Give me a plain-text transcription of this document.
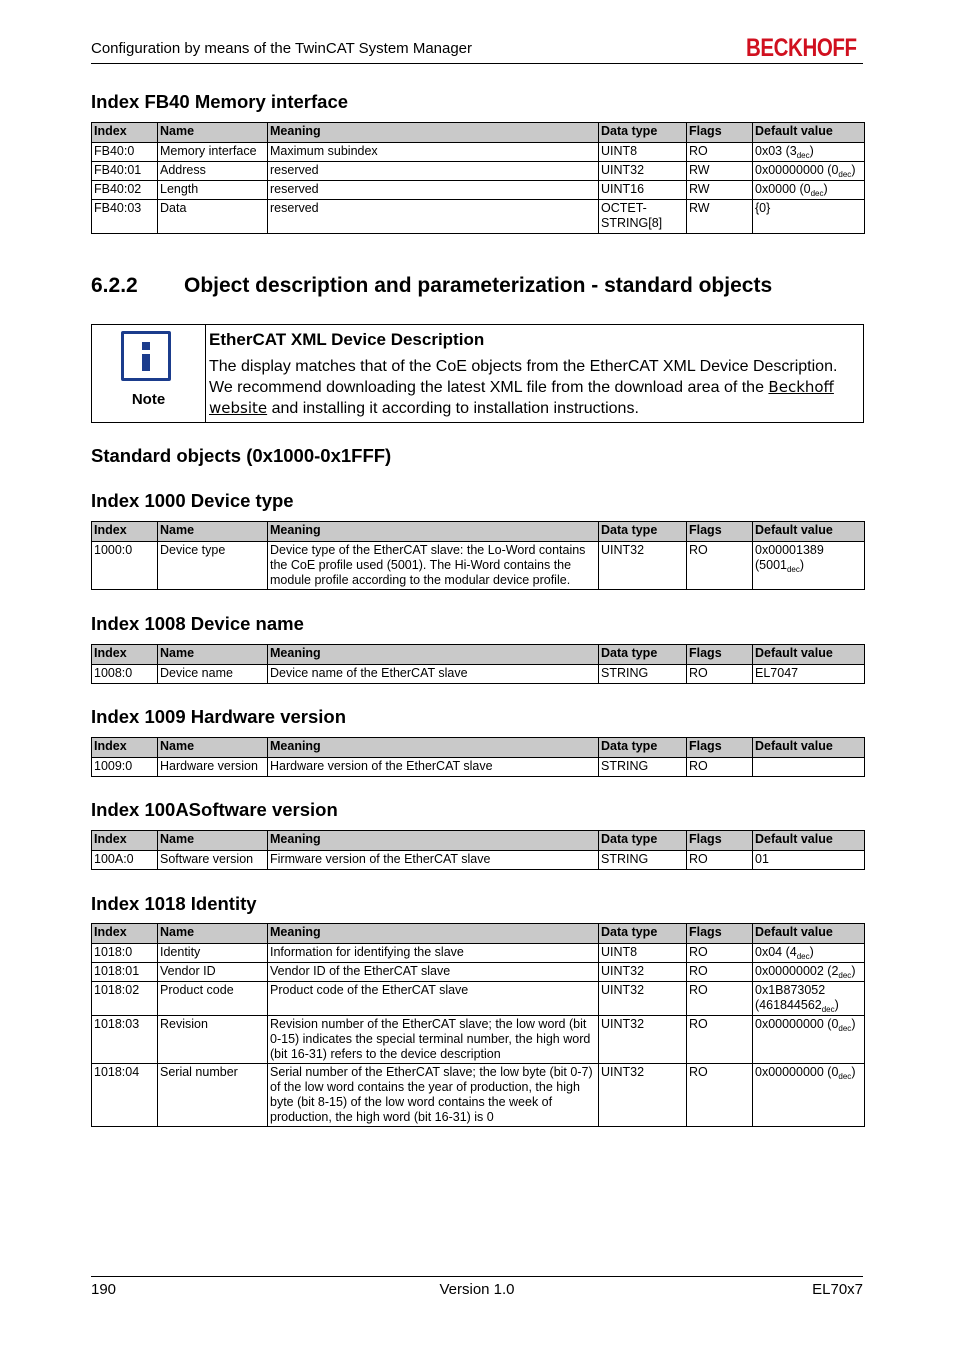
Configuration by means of the TwinCAT System Manager	BECKHOFF
Index FB40 Memory interface
Index	Name	Meaning	Data type	Flags	Default value
FB40:0	Memory interface	Maximum subindex	UINT8	RO	0x03 $(3_{dec})$
FB40:01	Address	reserved	UINT32	RW	0x00000000 $(0_{dec})$
FB40:02	Length	reserved	UINT16	RW	0x0000 $(0_{dec})$
FB40:03	Data	reserved	OCTET-STRING[8]	RW	{0}
6.2.2 Object description and parameterization - standard objects
Note
EtherCAT XML Device Description
The display matches that of the CoE objects from the EtherCAT XML Device Description. We recommend downloading the latest XML file from the download area of the Beckhoff website and installing it according to installation instructions.
Standard objects (0x1000-0x1FFF)
Index 1000 Device type
Index	Name	Meaning	Data type	Flags	Default value
1000:0	Device type	Device type of the EtherCAT slave: the Lo-Word contains the CoE profile used (5001). The Hi-Word contains the module profile according to the modular device profile.	UINT32	RO	0x00001389 $(5001_{dec})$
Index 1008 Device name
Index	Name	Meaning	Data type	Flags	Default value
1008:0	Device name	Device name of the EtherCAT slave	STRING	RO	EL7047
Index 1009 Hardware version
Index	Name	Meaning	Data type	Flags	Default value
1009:0	Hardware version	Hardware version of the EtherCAT slave	STRING	RO	
Index 100ASoftware version
Index	Name	Meaning	Data type	Flags	Default value
100A:0	Software version	Firmware version of the EtherCAT slave	STRING	RO	01
Index 1018 Identity
Index	Name	Meaning	Data type	Flags	Default value
1018:0	Identity	Information for identifying the slave	UINT8	RO	0x04 $(4_{dec})$
1018:01	Vendor ID	Vendor ID of the EtherCAT slave	UINT32	RO	0x00000002 $(2_{dec})$
1018:02	Product code	Product code of the EtherCAT slave	UINT32	RO	0x1B873052 $(461844562_{dec})$
1018:03	Revision	Revision number of the EtherCAT slave; the low word (bit 0-15) indicates the special terminal number, the high word (bit 16-31) refers to the device description	UINT32	RO	0x00000000 $(0_{dec})$
1018:04	Serial number	Serial number of the EtherCAT slave; the low byte (bit 0-7) of the low word contains the year of production, the high byte (bit 8-15) of the low word contains the week of production, the high word (bit 16-31) is 0	UINT32	RO	0x00000000 $(0_{dec})$
190	Version 1.0	EL70x7
